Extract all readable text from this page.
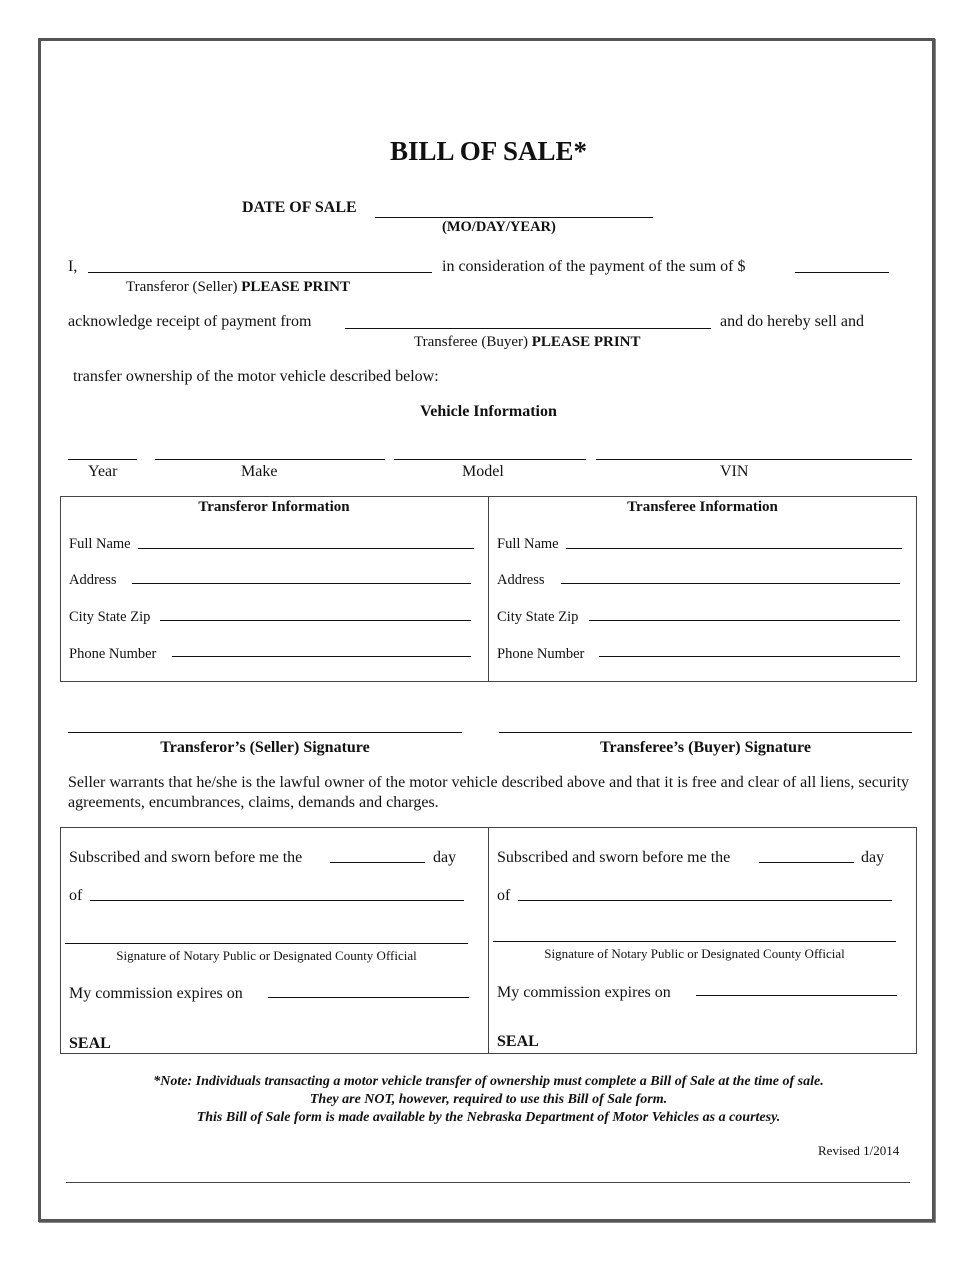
BILL OF SALE*
DATE OF SALE
(MO/DAY/YEAR)
I,	in consideration of the payment of the sum of $
Transferor (Seller) PLEASE PRINT
acknowledge receipt of payment from	and do hereby sell and
Transferee (Buyer) PLEASE PRINT
transfer ownership of the motor vehicle described below:
Vehicle Information
Year	Make	Model	VIN
Transferor Information	Transferee Information
Full Name
Address
City State Zip
Phone Number
Full Name
Address
City State Zip
Phone Number
Transferor’s (Seller) Signature	Transferee’s (Buyer) Signature
Seller warrants that he/she is the lawful owner of the motor vehicle described above and that it is free and clear of all liens, security agreements, encumbrances, claims, demands and charges.
Subscribed and sworn before me the	day
of
Signature of Notary Public or Designated County Official
My commission expires on
SEAL
Subscribed and sworn before me the	day
of
Signature of Notary Public or Designated County Official
My commission expires on
SEAL
*Note: Individuals transacting a motor vehicle transfer of ownership must complete a Bill of Sale at the time of sale.
They are NOT, however, required to use this Bill of Sale form.
This Bill of Sale form is made available by the Nebraska Department of Motor Vehicles as a courtesy.
Revised 1/2014
